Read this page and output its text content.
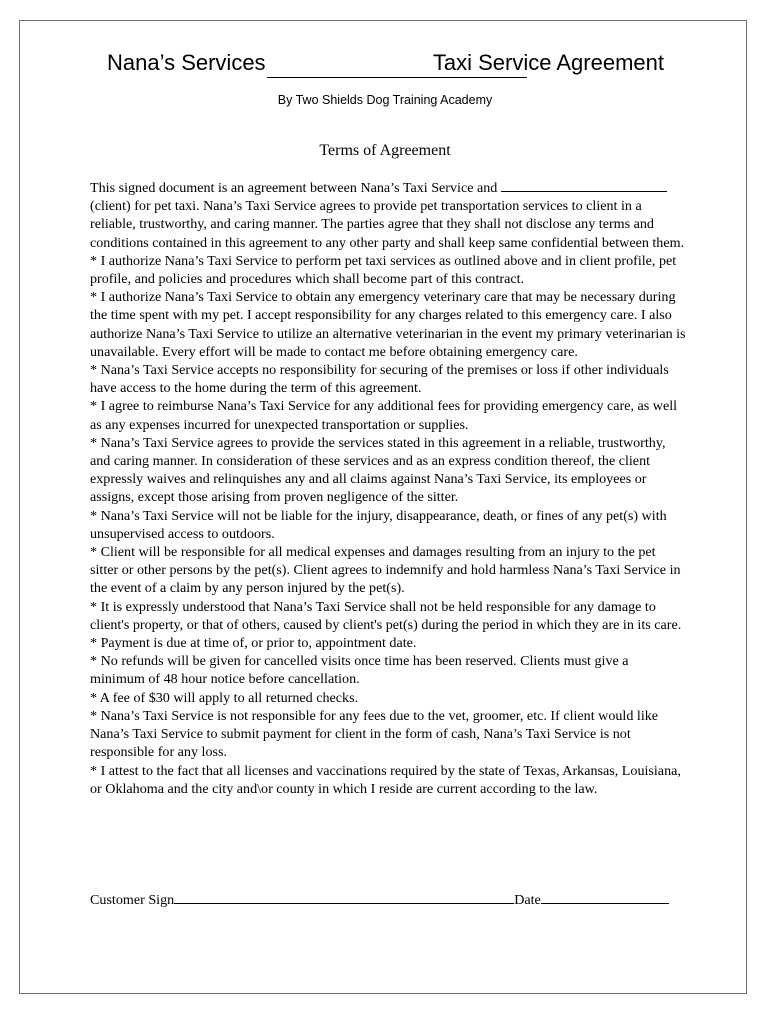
Nana’s Services	Taxi Service Agreement
By Two Shields Dog Training Academy
Terms of Agreement

This signed document is an agreement between Nana’s Taxi Service and  (client) for pet taxi. Nana’s Taxi Service agrees to provide pet transportation services to client in a reliable, trustworthy, and caring manner. The parties agree that they shall not disclose any terms and conditions contained in this agreement to any other party and shall keep same confidential between them.

* I authorize Nana’s Taxi Service to perform pet taxi services as outlined above and in client profile, pet profile, and policies and procedures which shall become part of this contract.

* I authorize Nana’s Taxi Service to obtain any emergency veterinary care that may be necessary during the time spent with my pet. I accept responsibility for any charges related to this emergency care. I also authorize Nana’s Taxi Service to utilize an alternative veterinarian in the event my primary veterinarian is unavailable. Every effort will be made to contact me before obtaining emergency care.

* Nana’s Taxi Service accepts no responsibility for securing of the premises or loss if other individuals have access to the home during the term of this agreement.

* I agree to reimburse Nana’s Taxi Service for any additional fees for providing emergency care, as well as any expenses incurred for unexpected transportation or supplies.

* Nana’s Taxi Service agrees to provide the services stated in this agreement in a reliable, trustworthy, and caring manner. In consideration of these services and as an express condition thereof, the client expressly waives and relinquishes any and all claims against Nana’s Taxi Service, its employees or assigns, except those arising from proven negligence of the sitter.

* Nana’s Taxi Service will not be liable for the injury, disappearance, death, or fines of any pet(s) with unsupervised access to outdoors.

* Client will be responsible for all medical expenses and damages resulting from an injury to the pet sitter or other persons by the pet(s). Client agrees to indemnify and hold harmless Nana’s Taxi Service in the event of a claim by any person injured by the pet(s).

* It is expressly understood that Nana’s Taxi Service shall not be held responsible for any damage to client's property, or that of others, caused by client's pet(s) during the period in which they are in its care.

* Payment is due at time of, or prior to, appointment date.

* No refunds will be given for cancelled visits once time has been reserved. Clients must give a minimum of 48 hour notice before cancellation.

* A fee of $30 will apply to all returned checks.

* Nana’s Taxi Service is not responsible for any fees due to the vet, groomer, etc. If client would like Nana’s Taxi Service to submit payment for client in the form of cash, Nana’s Taxi Service is not responsible for any loss.

* I attest to the fact that all licenses and vaccinations required by the state of Texas, Arkansas, Louisiana, or Oklahoma and the city and\or county in which I reside are current according to the law.

Customer Sign	Date
